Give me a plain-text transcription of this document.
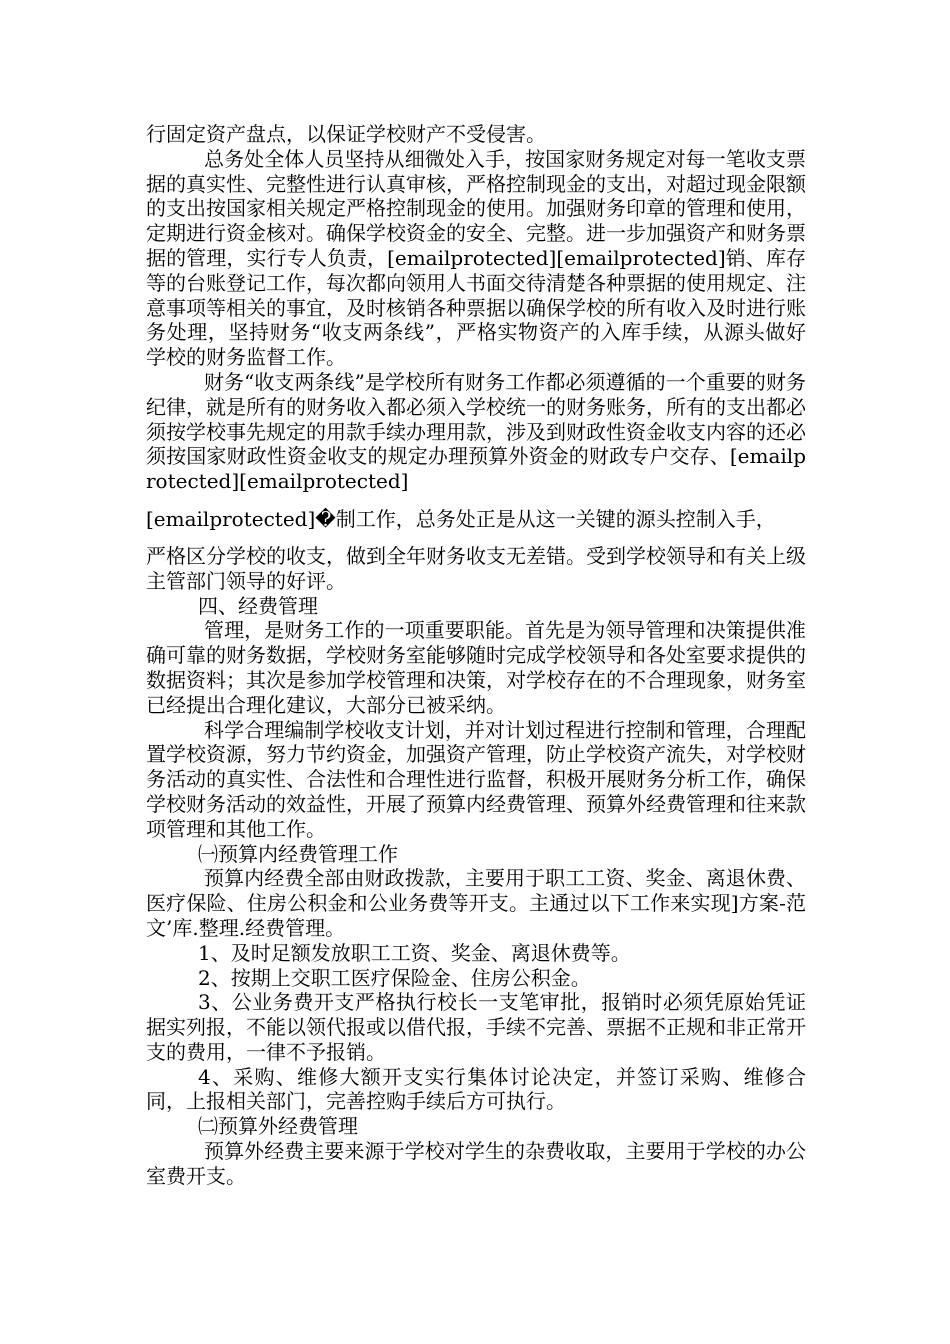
行固定资产盘点，以保证学校财产不受侵害。

总务处全体人员坚持从细微处入手，按国家财务规定对每一笔收支票据的真实性、完整性进行认真审核，严格控制现金的支出，对超过现金限额的支出按国家相关规定严格控制现金的使用。加强财务印章的管理和使用，定期进行资金核对。确保学校资金的安全、完整。进一步加强资产和财务票据的管理，实行专人负责，[emailprotected][emailprotected]销、库存等的台账登记工作，每次都向领用人书面交待清楚各种票据的使用规定、注意事项等相关的事宜，及时核销各种票据以确保学校的所有收入及时进行账务处理，坚持财务“收支两条线”，严格实物资产的入库手续，从源头做好学校的财务监督工作。

财务“收支两条线”是学校所有财务工作都必须遵循的一个重要的财务纪律，就是所有的财务收入都必须入学校统一的财务账务，所有的支出都必须按学校事先规定的用款手续办理用款，涉及到财政性资金收支内容的还必须按国家财政性资金收支的规定办理预算外资金的财政专户交存、[emailprotected][emailprotected]

[emailprotected]�制工作，总务处正是从这一关键的源头控制入手，

严格区分学校的收支，做到全年财务收支无差错。受到学校领导和有关上级主管部门领导的好评。

四、经费管理

管理，是财务工作的一项重要职能。首先是为领导管理和决策提供准确可靠的财务数据，学校财务室能够随时完成学校领导和各处室要求提供的数据资料；其次是参加学校管理和决策，对学校存在的不合理现象，财务室已经提出合理化建议，大部分已被采纳。

科学合理编制学校收支计划，并对计划过程进行控制和管理，合理配置学校资源，努力节约资金，加强资产管理，防止学校资产流失，对学校财务活动的真实性、合法性和合理性进行监督，积极开展财务分析工作，确保学校财务活动的效益性，开展了预算内经费管理、预算外经费管理和往来款项管理和其他工作。

㈠预算内经费管理工作

预算内经费全部由财政拨款，主要用于职工工资、奖金、离退休费、医疗保险、住房公积金和公业务费等开支。主通过以下工作来实现]方案-范文’库.整理.经费管理。

1、及时足额发放职工工资、奖金、离退休费等。

2、按期上交职工医疗保险金、住房公积金。

3、公业务费开支严格执行校长一支笔审批，报销时必须凭原始凭证据实列报，不能以领代报或以借代报，手续不完善、票据不正规和非正常开支的费用，一律不予报销。

4、采购、维修大额开支实行集体讨论决定，并签订采购、维修合同，上报相关部门，完善控购手续后方可执行。

㈡预算外经费管理

预算外经费主要来源于学校对学生的杂费收取，主要用于学校的办公室费开支。
